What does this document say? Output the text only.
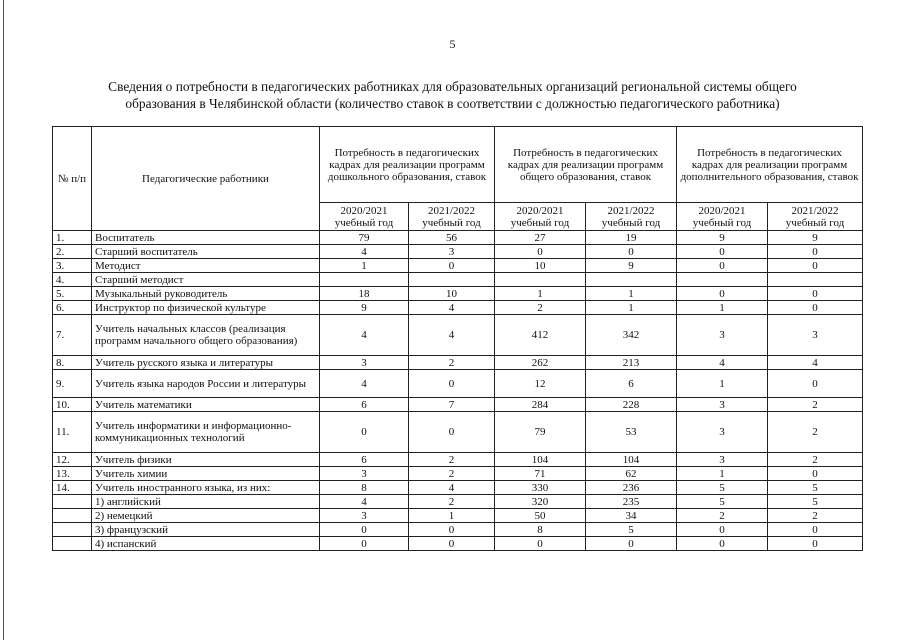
5
Сведения о потребности в педагогических работниках для образовательных организаций региональной системы общего
образования в Челябинской области (количество ставок в соответствии с должностью педагогического работника)
№ п/п	Педагогические работники	Потребность в педагогических кадрах для реализации программ дошкольного образования, ставок		Потребность в педагогических кадрах для реализации программ общего образования, ставок		Потребность в педагогических кадрах для реализации программ дополнительного образования, ставок	
		2020/2021 учебный год	2021/2022 учебный год	2020/2021 учебный год	2021/2022 учебный год	2020/2021 учебный год	2021/2022 учебный год
1.	Воспитатель	79	56	27	19	9	9
2.	Старший воспитатель	4	3	0	0	0	0
3.	Методист	1	0	10	9	0	0
4.	Старший методист						
5.	Музыкальный руководитель	18	10	1	1	0	0
6.	Инструктор по физической культуре	9	4	2	1	1	0
7.	Учитель начальных классов (реализация программ начального общего образования)	4	4	412	342	3	3
8.	Учитель русского языка и литературы	3	2	262	213	4	4
9.	Учитель языка народов России и литературы	4	0	12	6	1	0
10.	Учитель математики	6	7	284	228	3	2
11.	Учитель информатики и информационно-коммуникационных технологий	0	0	79	53	3	2
12.	Учитель физики	6	2	104	104	3	2
13.	Учитель химии	3	2	71	62	1	0
14.	Учитель иностранного языка, из них:	8	4	330	236	5	5
	1) английский	4	2	320	235	5	5
	2) немецкий	3	1	50	34	2	2
	3) французский	0	0	8	5	0	0
	4) испанский	0	0	0	0	0	0
